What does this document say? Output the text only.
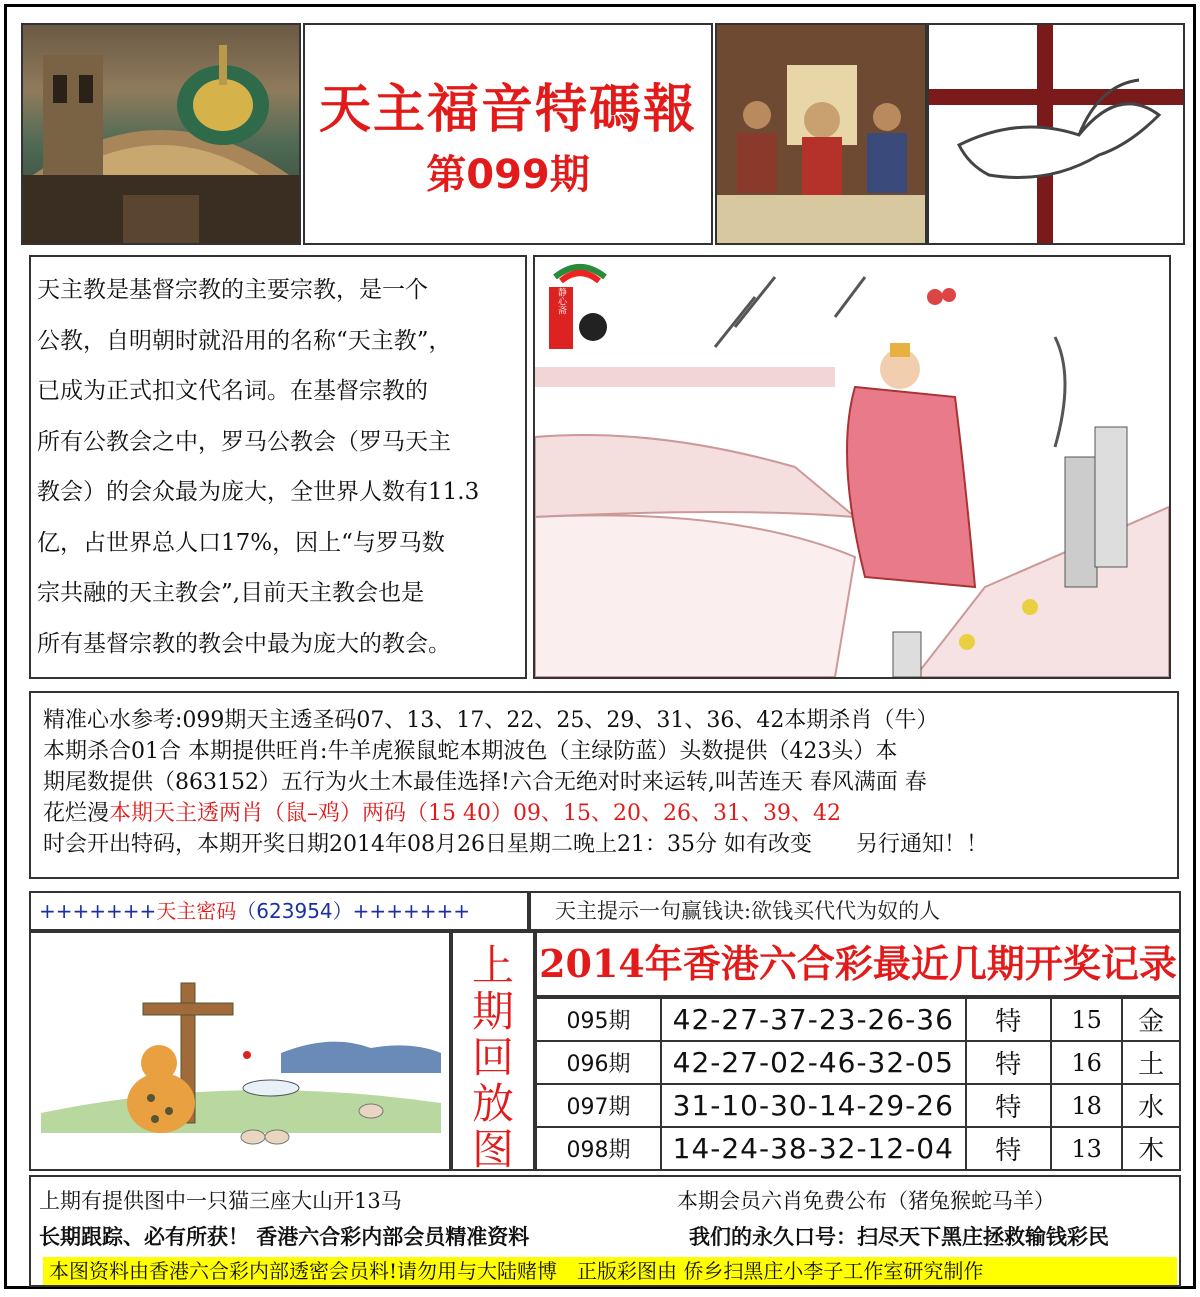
天主福音特碼報
第099期
天主教是基督宗教的主要宗教，是一个
公教，自明朝时就沿用的名称“天主教”，
已成为正式扣文代名词。在基督宗教的
所有公教会之中，罗马公教会（罗马天主
教会）的会众最为庞大，全世界人数有11.3
亿，占世界总人口17%，因上“与罗马数
宗共融的天主教会”,目前天主教会也是
所有基督宗教的教会中最为庞大的教会。
静心斋
精准心水参考:099期天主透圣码07、13、17、22、25、29、31、36、42本期杀肖（牛）
本期杀合01合 本期提供旺肖:牛羊虎猴鼠蛇本期波色（主绿防蓝）头数提供（423头）本
期尾数提供（863152）五行为火土木最佳选择!六合无绝对时来运转,叫苦连天 春风满面 春
花烂漫本期天主透两肖（鼠–鸡）两码（15 40）09、15、20、26、31、39、42
时会开出特码，本期开奖日期2014年08月26日星期二晚上21：35分 如有改变　　另行通知！！
+++++++天主密码（623954）+++++++	天主提示一句赢钱诀:欲钱买代代为奴的人
上
期
回
放
图
2014年香港六合彩最近几期开奖记录
095期	42-27-37-23-26-36	特	15	金
096期	42-27-02-46-32-05	特	16	土
097期	31-10-30-14-29-26	特	18	水
098期	14-24-38-32-12-04	特	13	木
上期有提供图中一只猫三座大山开13马	本期会员六肖免费公布（猪兔猴蛇马羊）
长期跟踪、必有所获！ 香港六合彩内部会员精准资料	我们的永久口号：扫尽天下黑庄拯救输钱彩民
本图资料由香港六合彩内部透密会员料!请勿用与大陆赌博　正版彩图由 侨乡扫黑庄小李子工作室研究制作
